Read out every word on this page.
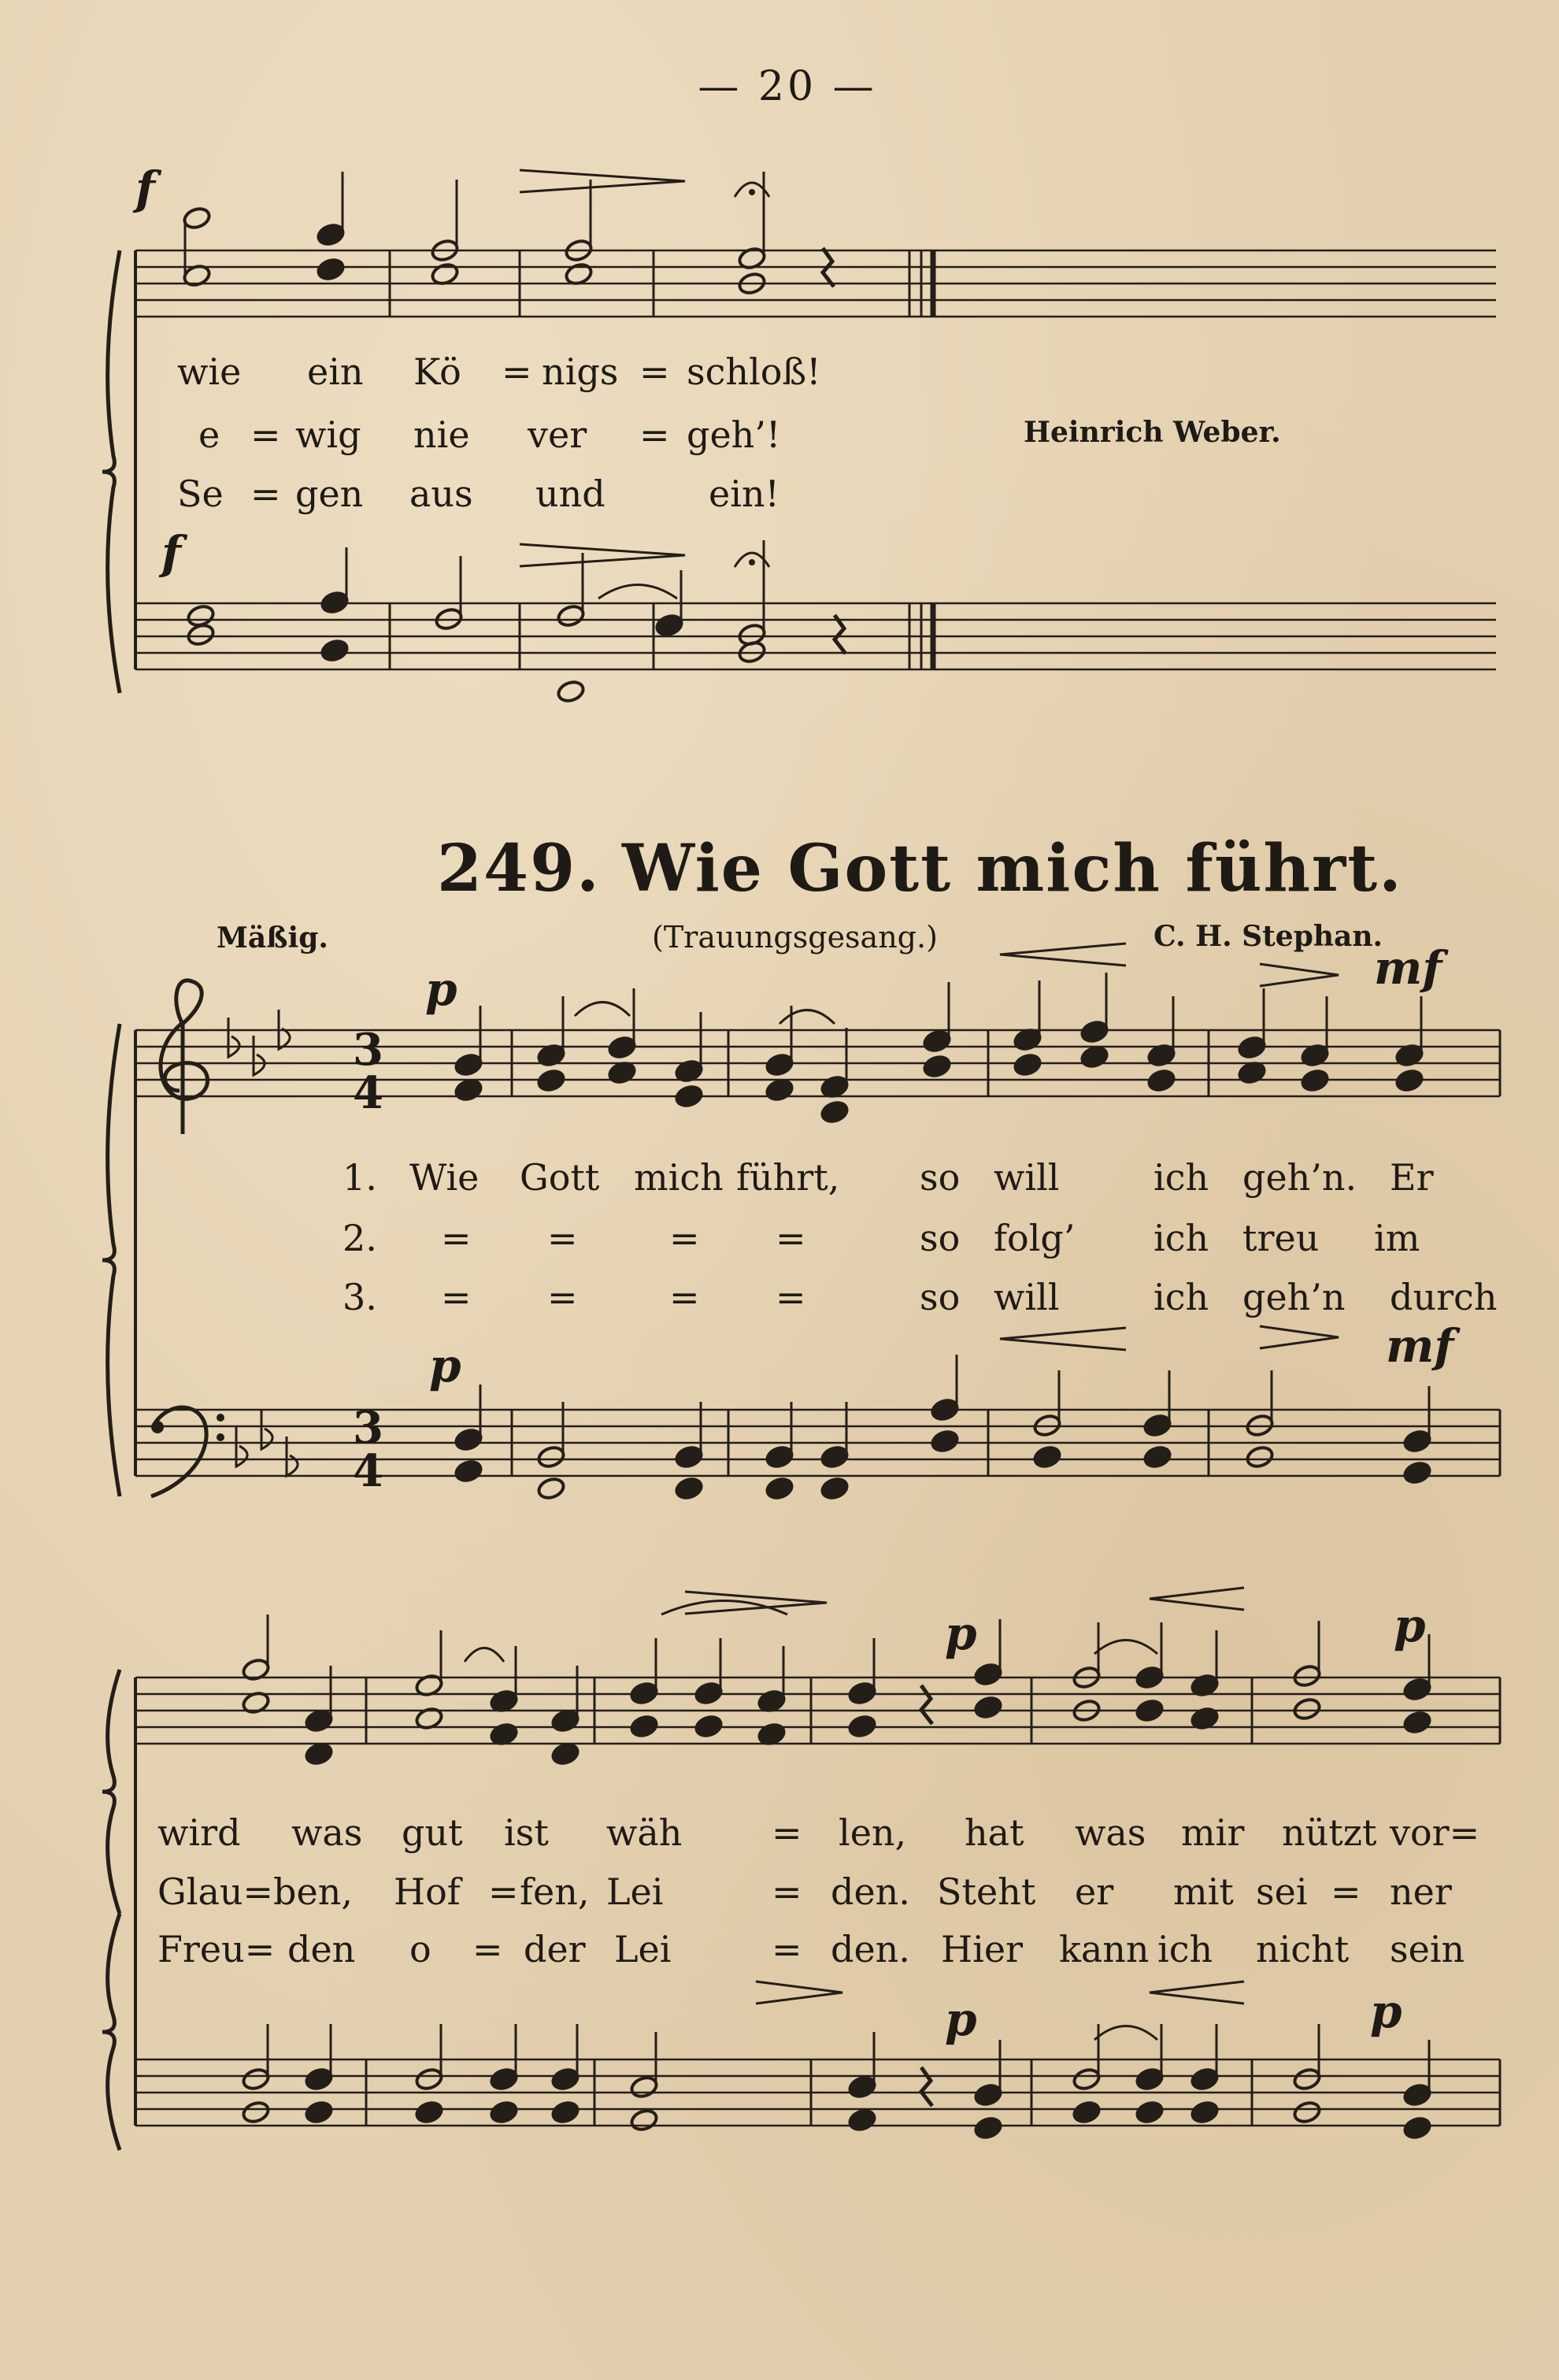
— 20 —
f
f
wie ein Kö = nigs = schloß!
e = wig nie ver = geh’!
Se = gen aus und	ein!
Heinrich Weber.
249. Wie Gott mich führt.
Mäßig.	(Trauungsgesang.)	C. H. Stephan.
3
4
3
4
p	mf
p	mf
p	p
p	p
1. Wie Gott mich führt, so will	ich geh’n. Er
2. = =	= =	so folg’ ich treu im
3. = =	= =	so will	ich geh’n durch
wird was gut ist wäh = len, hat was mir nützt vor=
Glau=ben, Hof = fen, Lei	= den. Steht er mit sei = ner
Freu= den o = der Lei	= den. Hier kann ich nicht sein
